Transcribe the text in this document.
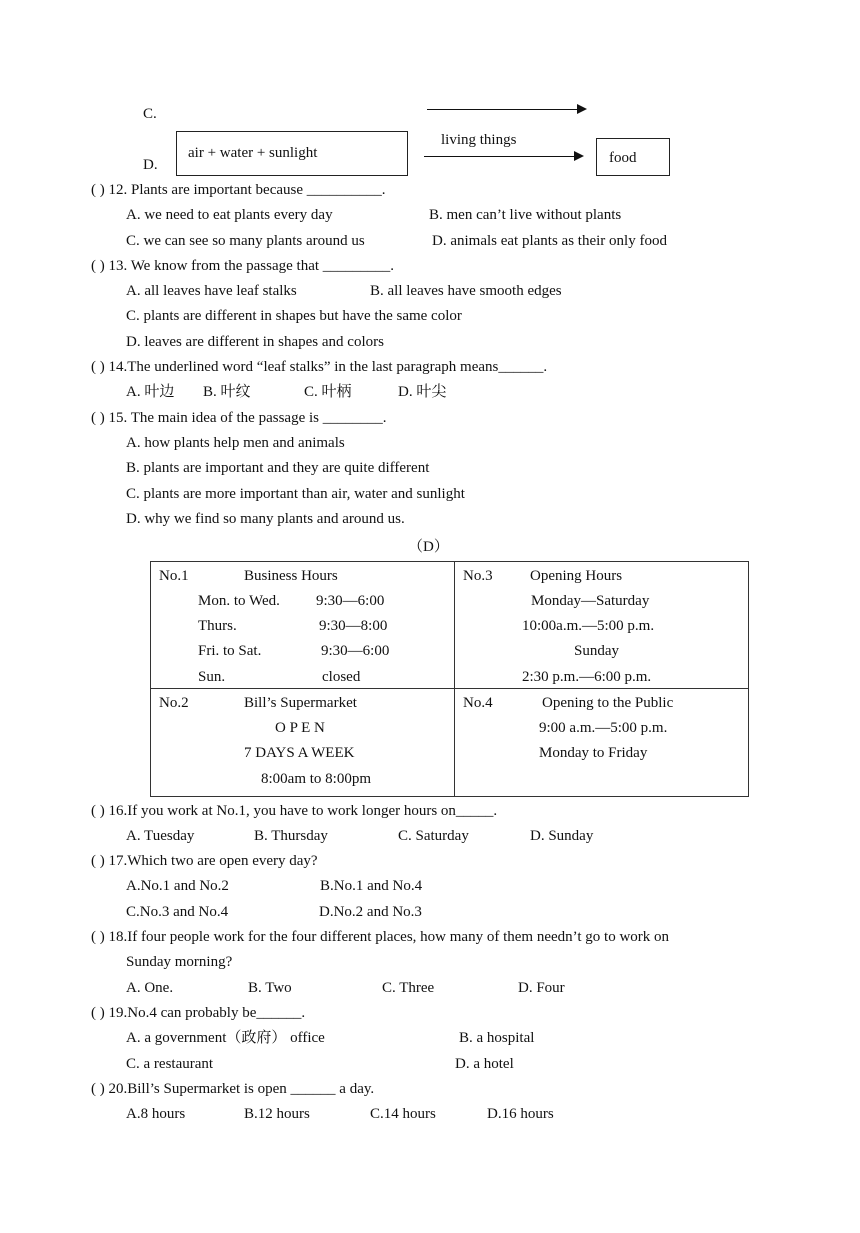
C.
D.
air + water + sunlight
living things
food
( ) 12. Plants are important because __________.
A. we need to eat plants every day	B. men can’t live without plants
C. we can see so many plants around us	D. animals eat plants as their only food
( ) 13. We know from the passage that _________.
A. all leaves have leaf stalks	B. all leaves have smooth edges
C. plants are different in shapes but have the same color
D. leaves are different in shapes and colors
( ) 14.The underlined word “leaf stalks” in the last paragraph means______.
A. 叶边 B. 叶纹	C. 叶柄	D. 叶尖
( ) 15. The main idea of the passage is ________.
A. how plants help men and animals
B. plants are important and they are quite different
C. plants are more important than air, water and sunlight
D. why we find so many plants and around us.
（D）
No.1	Business Hours
Mon. to Wed. 9:30—6:00
Thurs.	9:30—8:00
Fri. to Sat.	9:30—6:00
Sun.	closed
No.3 Opening Hours
Monday—Saturday
10:00a.m.—5:00 p.m.
Sunday
2:30 p.m.—6:00 p.m.
No.2	Bill’s Supermarket
O P E N
7 DAYS A WEEK
8:00am to 8:00pm
No.4	Opening to the Public
9:00 a.m.—5:00 p.m.
Monday to Friday
( ) 16.If you work at No.1, you have to work longer hours on_____.
A. Tuesday	B. Thursday	C. Saturday	D. Sunday
( ) 17.Which two are open every day?
A.No.1 and No.2	B.No.1 and No.4
C.No.3 and No.4	D.No.2 and No.3
( ) 18.If four people work for the four different places, how many of them needn’t go to work on
Sunday morning?
A. One.	B. Two	C. Three	D. Four
( ) 19.No.4 can probably be______.
A. a government（政府） office	B. a hospital
C. a restaurant	D. a hotel
( ) 20.Bill’s Supermarket is open ______ a day.
A.8 hours	B.12 hours	C.14 hours	D.16 hours
